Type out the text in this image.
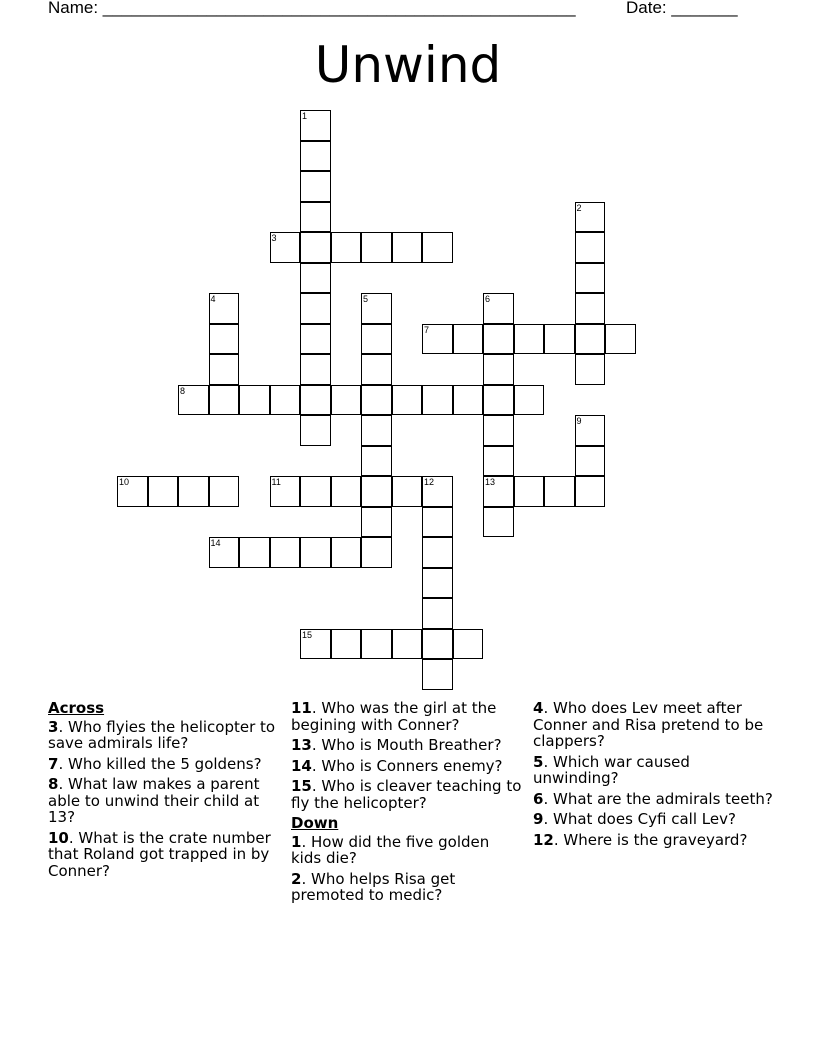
Name: __________________________________________________	Date: _______
Unwind
1
2
3
4	5	6
13
7
8
9
10	11	12
14
15
Across
3. Who flyies the helicopter to save admirals life?
7. Who killed the 5 goldens?
8. What law makes a parent able to unwind their child at 13?
10. What is the crate number that Roland got trapped in by Conner?
11. Who was the girl at the begining with Conner?
13. Who is Mouth Breather?
14. Who is Conners enemy?
15. Who is cleaver teaching to fly the helicopter?
Down
1. How did the five golden kids die?
2. Who helps Risa get premoted to medic?
4. Who does Lev meet after Conner and Risa pretend to be clappers?
5. Which war caused unwinding?
6. What are the admirals teeth?
9. What does Cyfi call Lev?
12. Where is the graveyard?
